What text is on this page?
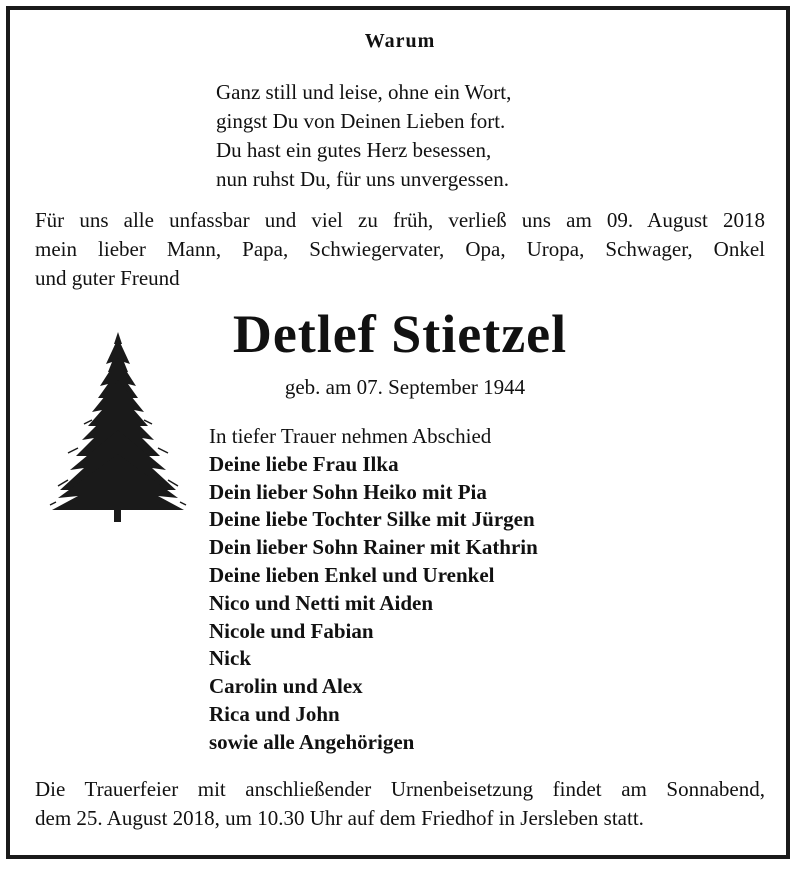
Warum
Ganz still und leise, ohne ein Wort,
gingst Du von Deinen Lieben fort.
Du hast ein gutes Herz besessen,
nun ruhst Du, für uns unvergessen.
Für uns alle unfassbar und viel zu früh, verließ uns am 09. August 2018
mein lieber Mann, Papa, Schwiegervater, Opa, Uropa, Schwager, Onkel
und guter Freund
Detlef Stietzel
geb. am 07. September 1944
In tiefer Trauer nehmen Abschied
Deine liebe Frau Ilka
Dein lieber Sohn Heiko mit Pia
Deine liebe Tochter Silke mit Jürgen
Dein lieber Sohn Rainer mit Kathrin
Deine lieben Enkel und Urenkel
Nico und Netti mit Aiden
Nicole und Fabian
Nick
Carolin und Alex
Rica und John
sowie alle Angehörigen
Die Trauerfeier mit anschließender Urnenbeisetzung findet am Sonnabend,
dem 25. August 2018, um 10.30 Uhr auf dem Friedhof in Jersleben statt.
